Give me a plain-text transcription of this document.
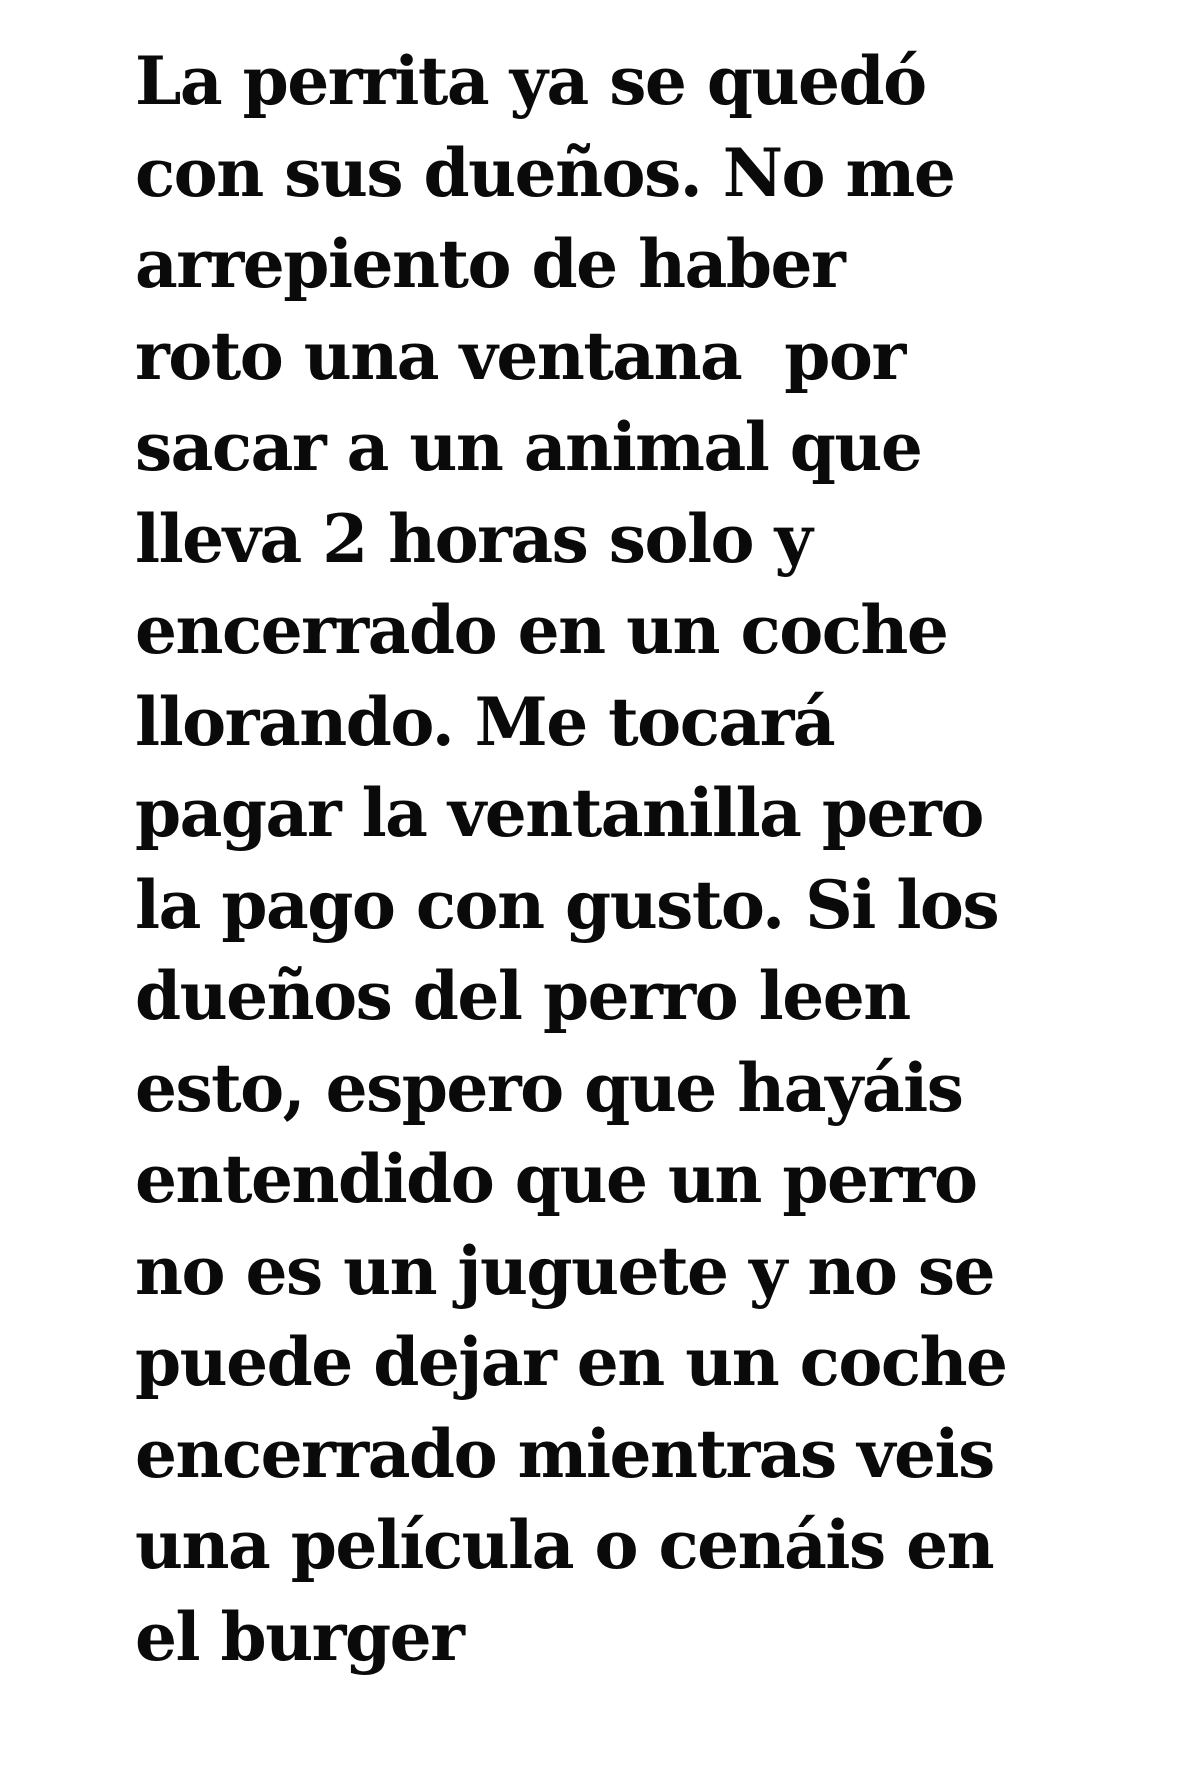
La perrita ya se quedó
con sus dueños. No me
arrepiento de haber
roto una ventana  por
sacar a un animal que
lleva 2 horas solo y
encerrado en un coche
llorando. Me tocará
pagar la ventanilla pero
la pago con gusto. Si los
dueños del perro leen
esto, espero que hayáis
entendido que un perro
no es un juguete y no se
puede dejar en un coche
encerrado mientras veis
una película o cenáis en
el burger
